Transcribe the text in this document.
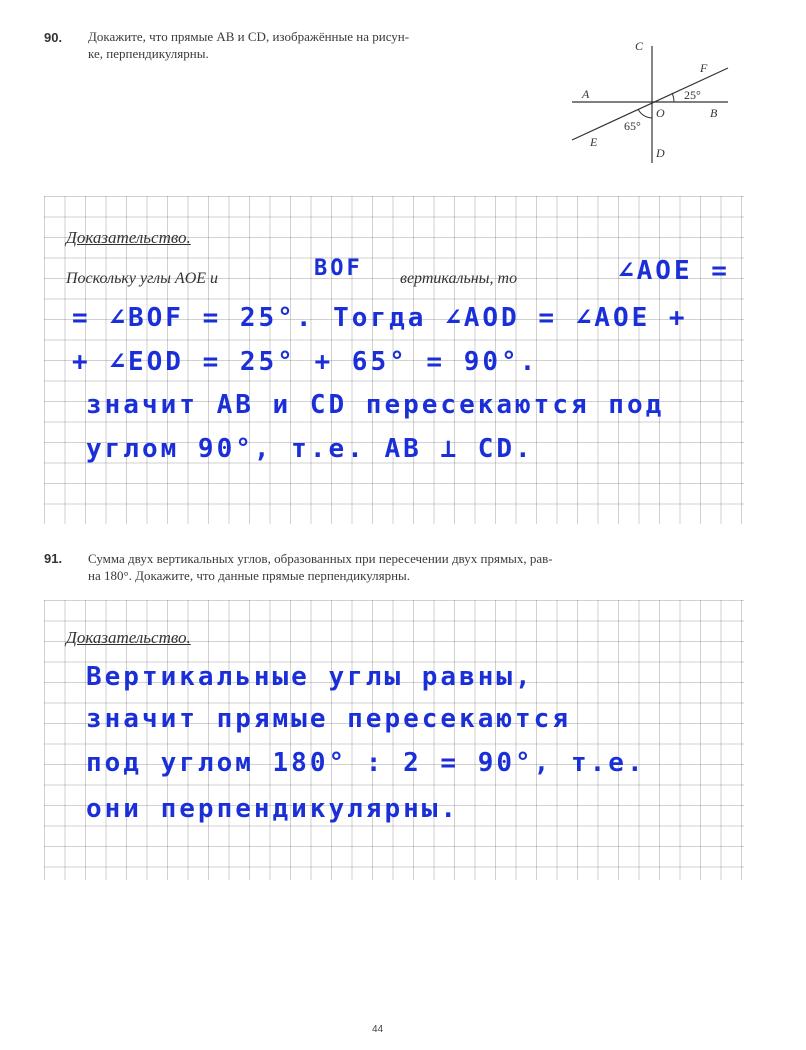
90. Докажите, что прямые AB и CD, изображённые на рисун-
ке, перпендикулярны.	C
A
O	B
D
E
F
25°
65°
Доказательство.
Поскольку углы AOE и	вертикальны, то
BOF	∠AOE =
= ∠BOF = 25°. Тогда ∠AOD = ∠AOE +
+ ∠EOD = 25° + 65° = 90°.
значит AB и CD пересекаются под
углом 90°, т.е. AB ⊥ CD.
91. Сумма двух вертикальных углов, образованных при пересечении двух прямых, рав-
на 180°. Докажите, что данные прямые перпендикулярны.
Доказательство.
Вертикальные углы равны,
значит прямые пересекаются
под углом 180° : 2 = 90°, т.е.
они перпендикулярны.
44
